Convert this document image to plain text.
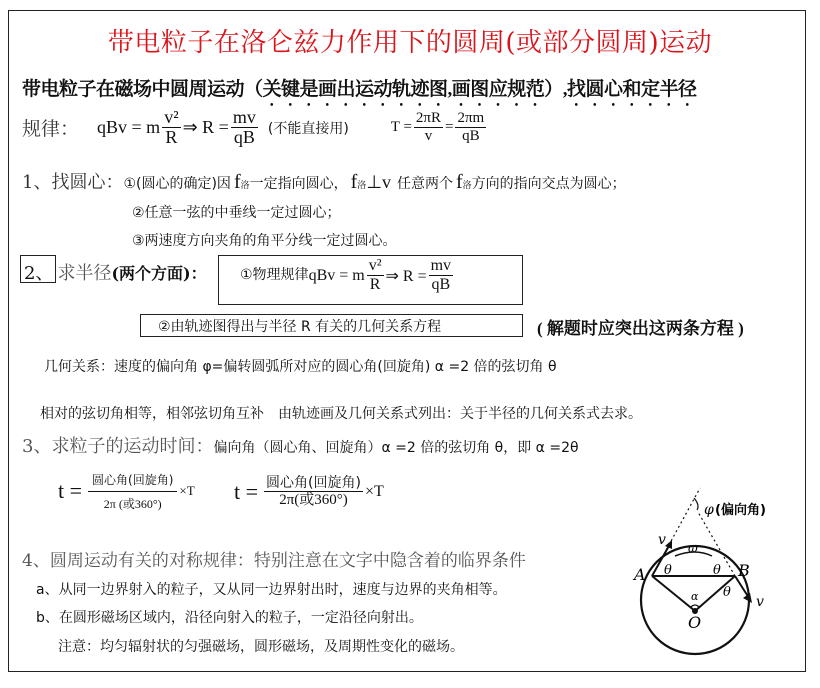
带电粒子在洛仑兹力作用下的圆周(或部分圆周)运动
带电粒子在磁场中圆周运动（关键是画出运动轨迹图,画图应规范）,找圆心和定半径
规律： qBv = m $\frac{\text{v²}}{R}$ ⇒ $R = \frac{mv}{qB}$ (不能直接用)	$T = \frac{2\pi R}{v} = \frac{2\pi m}{qB}$
1、找圆心： ①(圆心的确定)因 f 洛 一定指向圆心， f 洛 ⊥v 任意两个 f 洛 方向的指向交点为圆心；
②任意一弦的中垂线一定过圆心；
③两速度方向夹角的角平分线一定过圆心。
2、 求半径 (两个方面)： ①物理规律 qBv = m $\frac{\text{v²}}{R}$ ⇒ $R = \frac{mv}{qB}$
②由轨迹图得出与半径 R 有关的几何关系方程	( 解题时应突出这两条方程 )
几何关系：速度的偏向角 φ=偏转圆弧所对应的圆心角(回旋角) α =2 倍的弦切角 θ
相对的弦切角相等，相邻弦切角互补　由轨迹画及几何关系式列出：关于半径的几何关系式去求。
3、求粒子的运动时间： 偏向角（圆心角、回旋角）α =2 倍的弦切角 θ，即 α =2θ
$t = \frac{\text{圆心角(回旋角)}}{\text{2π (或360°)}} \times T$ $t = \frac{\text{圆心角(回旋角)}}{\text{2π(或360°)}} \times T$
4、圆周运动有关的对称规律：特别注意在文字中隐含着的临界条件
a、从同一边界射入的粒子，又从同一边界射出时，速度与边界的夹角相等。
b、在圆形磁场区域内，沿径向射入的粒子，一定沿径向射出。
注意：均匀辐射状的匀强磁场，圆形磁场，及周期性变化的磁场。
φ (偏向角)
v ω
A	B
θ	θ
θ
α
O
v
